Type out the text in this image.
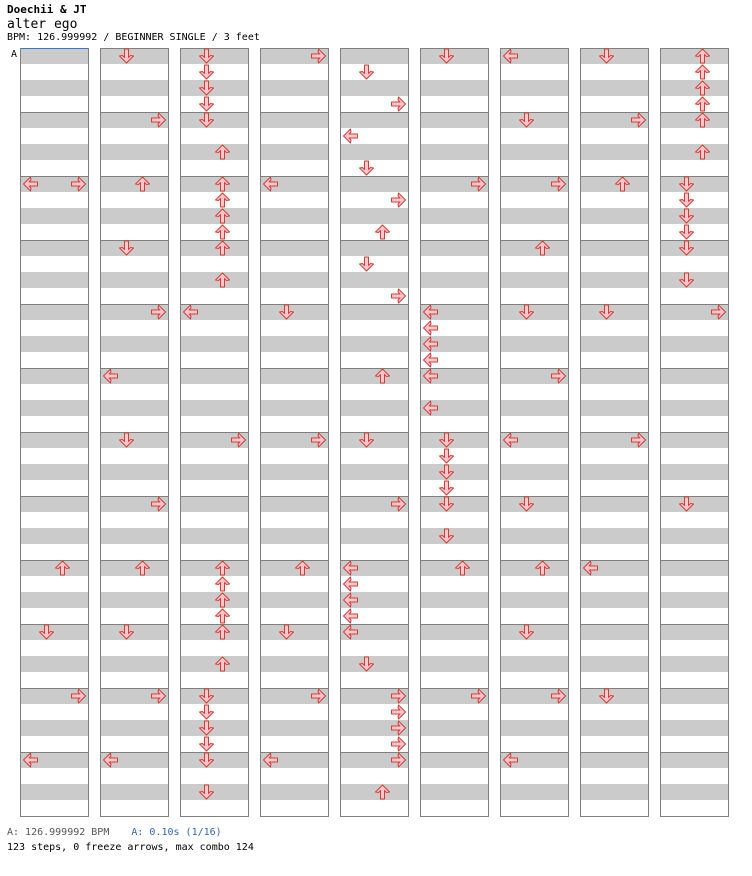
Doechii & JT
alter ego
BPM: 126.999992 / BEGINNER SINGLE / 3 feet
A
A: 126.999992 BPM A: 0.10s (1/16)
123 steps, 0 freeze arrows, max combo 124
